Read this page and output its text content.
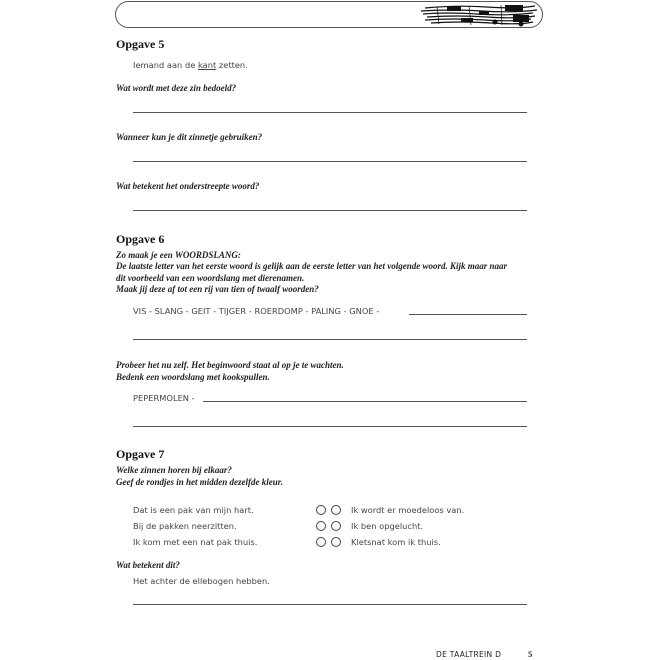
Opgave 5
Iemand aan de kant zetten.
Wat wordt met deze zin bedoeld?
Wanneer kun je dit zinnetje gebruiken?
Wat betekent het onderstreepte woord?
Opgave 6
Zo maak je een WOORDSLANG:
De laatste letter van het eerste woord is gelijk aan de eerste letter van het volgende woord. Kijk maar naar
dit voorbeeld van een woordslang met dierenamen.
Maak jij deze af tot een rij van tien of twaalf woorden?
VIS - SLANG - GEIT - TIJGER - ROERDOMP - PALING - GNOE -
Probeer het nu zelf. Het beginwoord staat al op je te wachten.
Bedenk een woordslang met kookspullen.
PEPERMOLEN -
Opgave 7
Welke zinnen horen bij elkaar?
Geef de rondjes in het midden dezelfde kleur.
Dat is een pak van mijn hart.
Bij de pakken neerzitten.
Ik kom met een nat pak thuis.
Ik wordt er moedeloos van.
Ik ben opgelucht.
Kletsnat kom ik thuis.
Wat betekent dit?
Het achter de ellebogen hebben.
DE TAALTREIN D	5
